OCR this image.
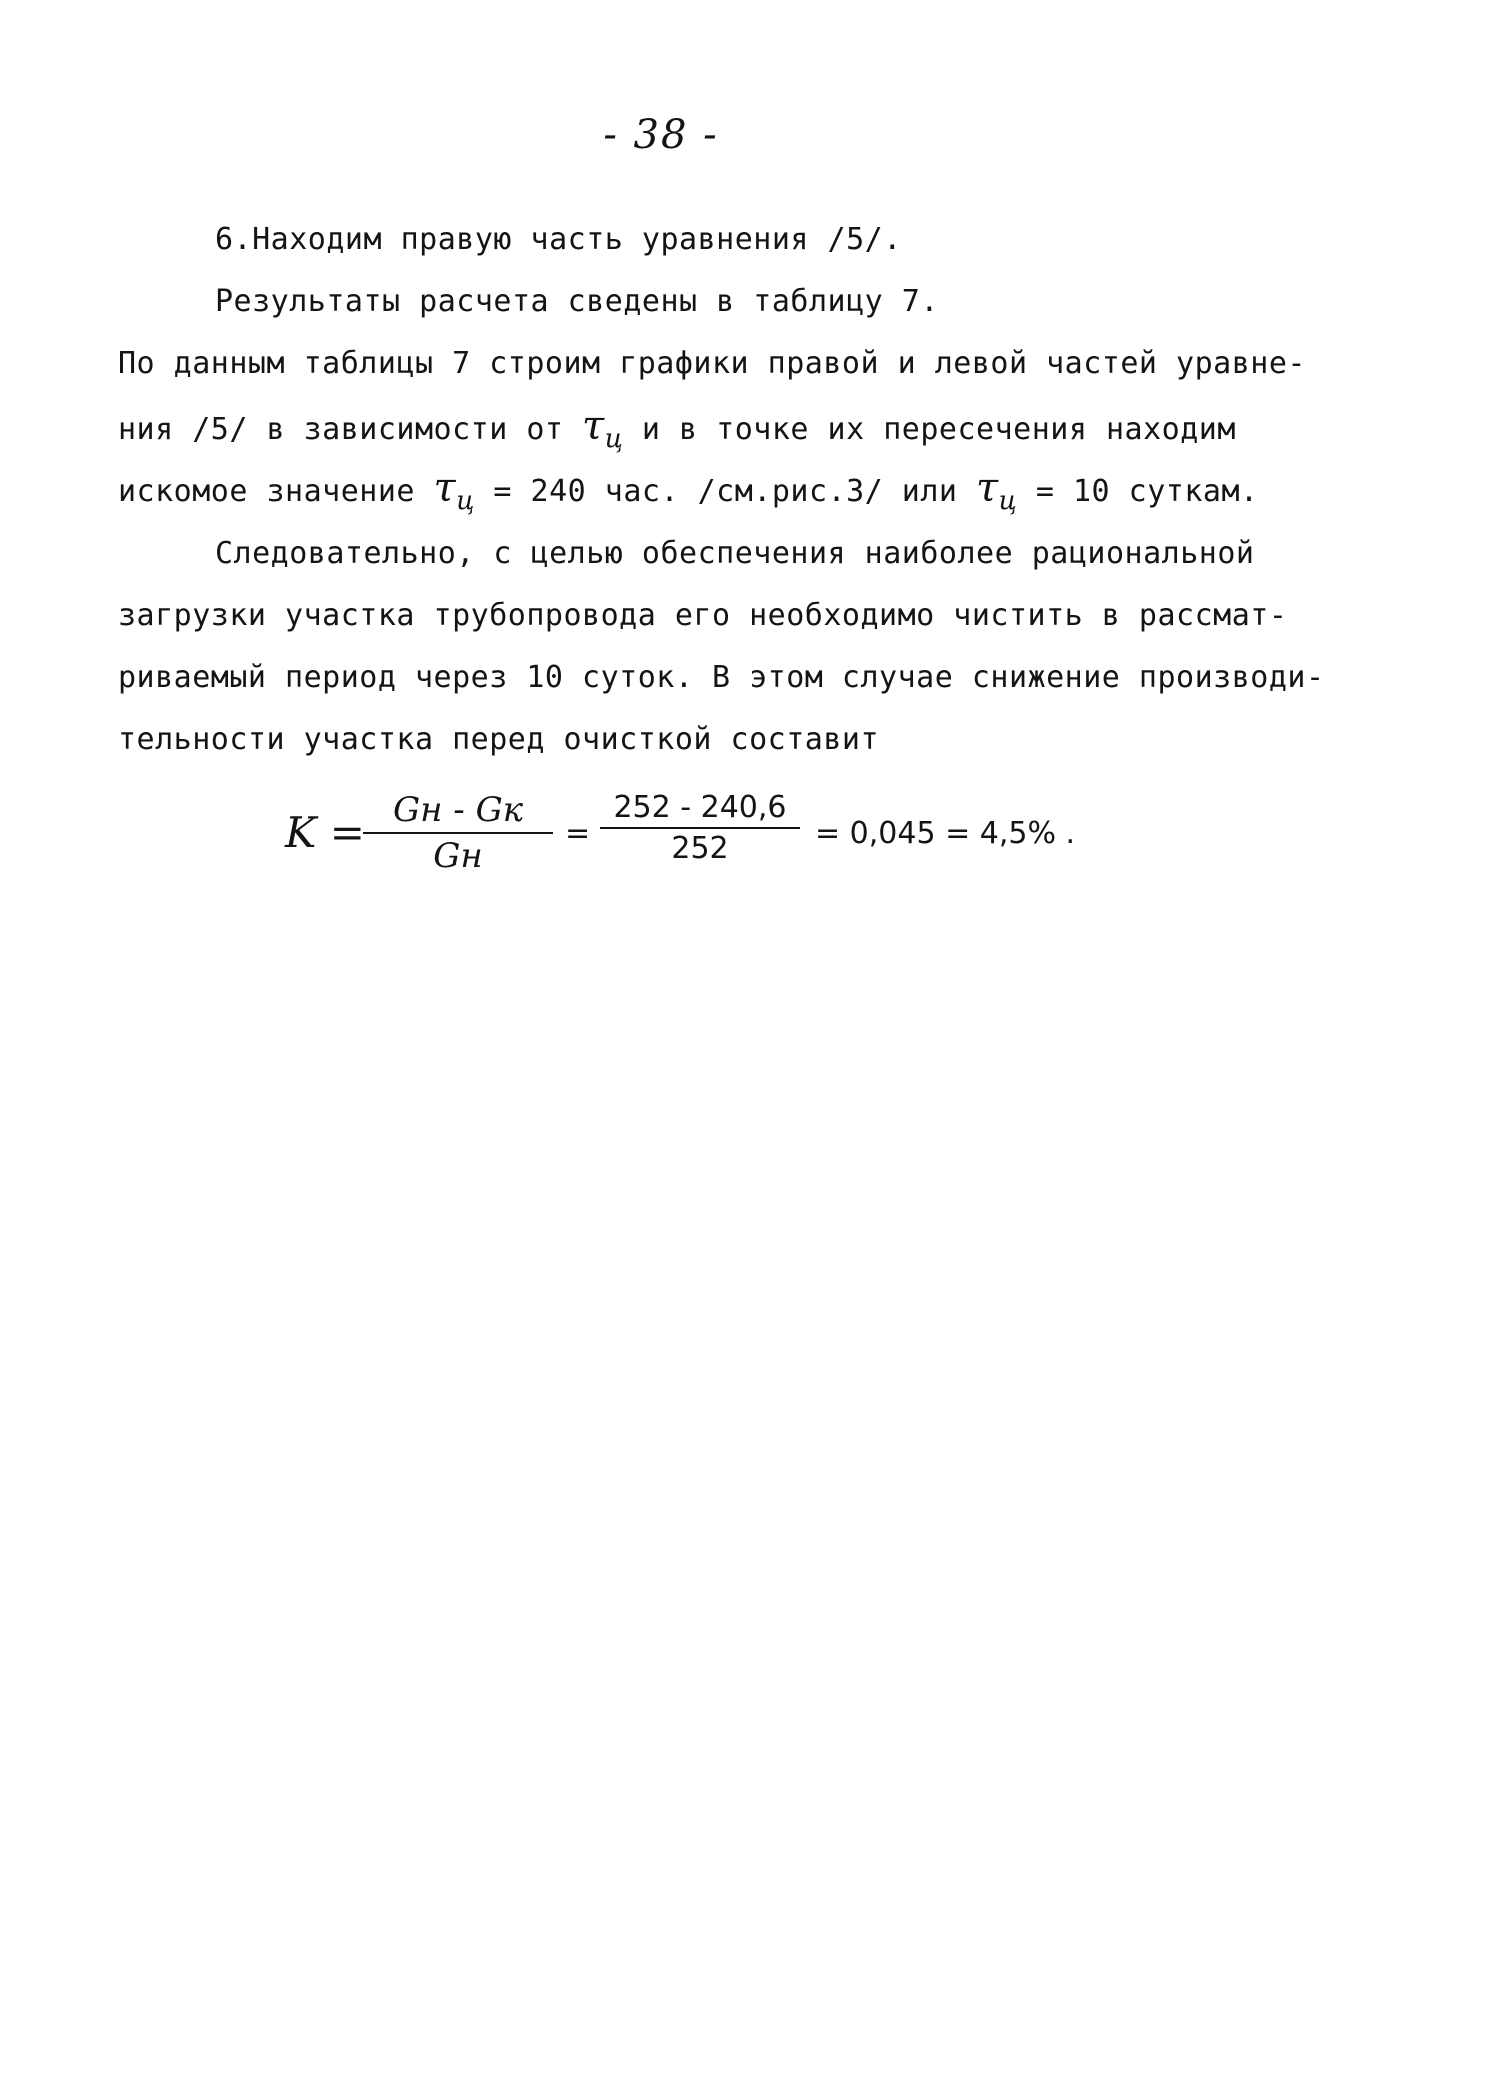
- 38 -
6.Находим правую часть уравнения /5/.
Результаты расчета сведены в таблицу 7.
По данным таблицы 7 строим графики правой и левой частей уравне-
ния /5/ в зависимости от $\tau_ц$ и в точке их пересечения находим
искомое значение $\tau_ц = 240$ час. /см.рис.3/ или $\tau_ц = 10$ суткам.
Следовательно, с целью обеспечения наиболее рациональной
загрузки участка трубопровода его необходимо чистить в рассмат-
риваемый период через 10 суток. В этом случае снижение производи-
тельности участка перед очисткой составит
K = Gн - Gк
Gн
=
252 - 240,6
252	= 0,045 = 4,5% .
